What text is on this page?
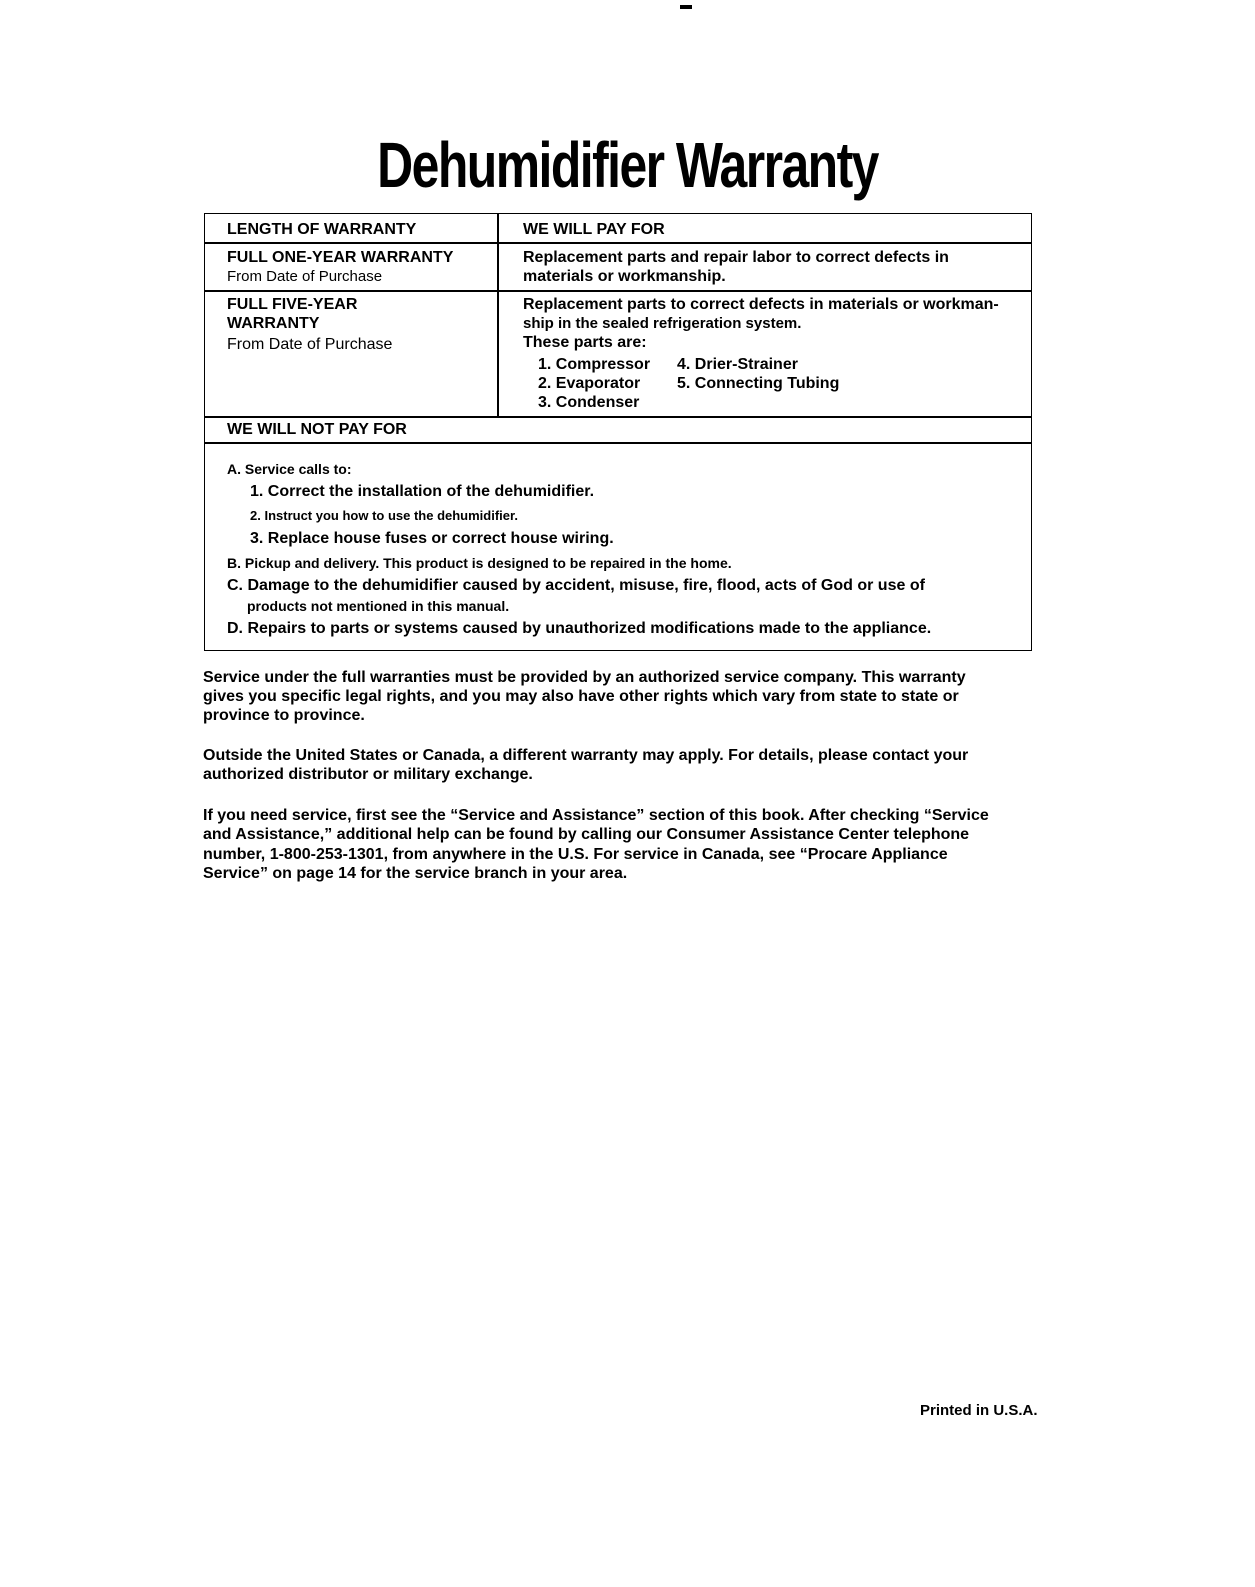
Dehumidifier Warranty
LENGTH OF WARRANTY	WE WILL PAY FOR
FULL ONE-YEAR WARRANTY
From Date of Purchase
Replacement parts and repair labor to correct defects in
materials or workmanship.
FULL FIVE-YEAR
WARRANTY
From Date of Purchase
Replacement parts to correct defects in materials or workman-
ship in the sealed refrigeration system.
These parts are:
1. Compressor
2. Evaporator
3. Condenser
4. Drier-Strainer
5. Connecting Tubing
WE WILL NOT PAY FOR
A. Service calls to:
1. Correct the installation of the dehumidifier.
2. Instruct you how to use the dehumidifier.
3. Replace house fuses or correct house wiring.
B. Pickup and delivery. This product is designed to be repaired in the home.
C. Damage to the dehumidifier caused by accident, misuse, fire, flood, acts of God or use of
products not mentioned in this manual.
D. Repairs to parts or systems caused by unauthorized modifications made to the appliance.
Service under the full warranties must be provided by an authorized service company. This warranty
gives you specific legal rights, and you may also have other rights which vary from state to state or
province to province.
Outside the United States or Canada, a different warranty may apply. For details, please contact your
authorized distributor or military exchange.
If you need service, first see the “Service and Assistance” section of this book. After checking “Service
and Assistance,” additional help can be found by calling our Consumer Assistance Center telephone
number, 1-800-253-1301, from anywhere in the U.S. For service in Canada, see “Procare Appliance
Service” on page 14 for the service branch in your area.
Printed in U.S.A.
